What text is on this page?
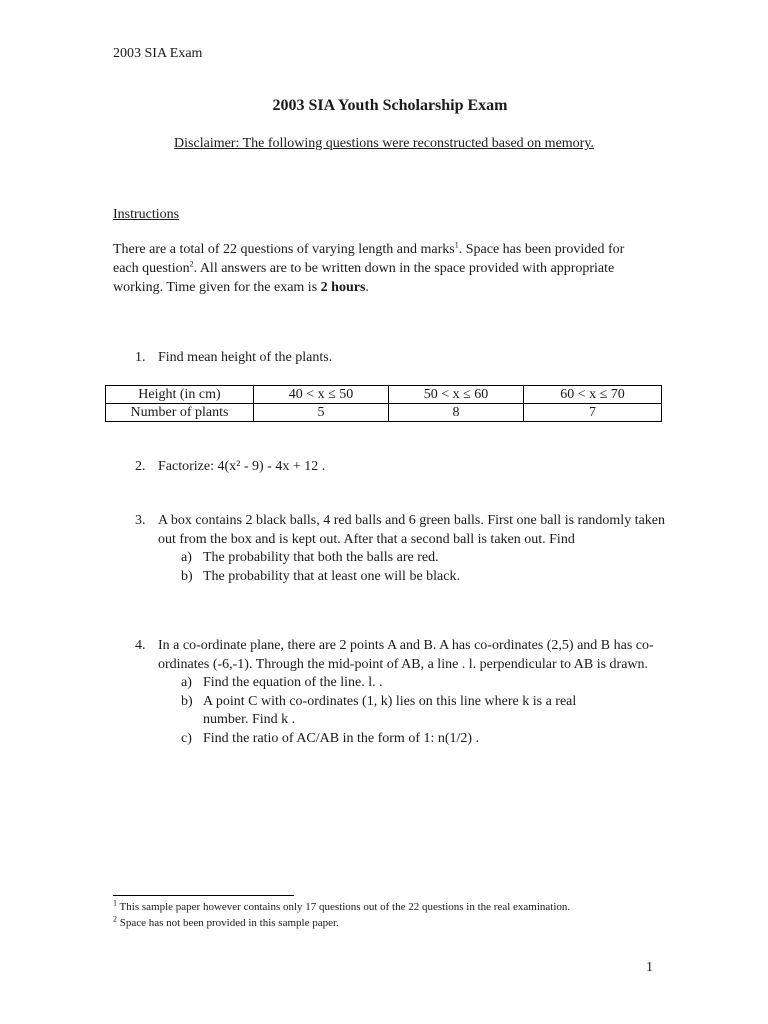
2003 SIA Exam
2003 SIA Youth Scholarship Exam
Disclaimer: The following questions were reconstructed based on memory.
Instructions
There are a total of 22 questions of varying length and marks$^1$. Space has been provided for each question$^2$. All answers are to be written down in the space provided with appropriate working. Time given for the exam is 2 hours.
1. Find mean height of the plants.
Height (in cm)	40 < x ≤ 50	50 < x ≤ 60	60 < x ≤ 70
Number of plants	5	8	7
2. Factorize: 4(x² - 9) - 4x + 12 .
3. A box contains 2 black balls, 4 red balls and 6 green balls. First one ball is randomly taken out from the box and is kept out. After that a second ball is taken out. Find
a) The probability that both the balls are red.
b) The probability that at least one will be black.
4. In a co-ordinate plane, there are 2 points A and B. A has co-ordinates (2,5) and B has co-ordinates (-6,-1). Through the mid-point of AB, a line . l. perpendicular to AB is drawn.
a) Find the equation of the line. l. .
b) A point C with co-ordinates (1, k) lies on this line where k is a real number. Find k .
c) Find the ratio of AC/AB in the form of 1: n(1/2) .
$^1$ This sample paper however contains only 17 questions out of the 22 questions in the real examination.
$^2$ Space has not been provided in this sample paper.
1
